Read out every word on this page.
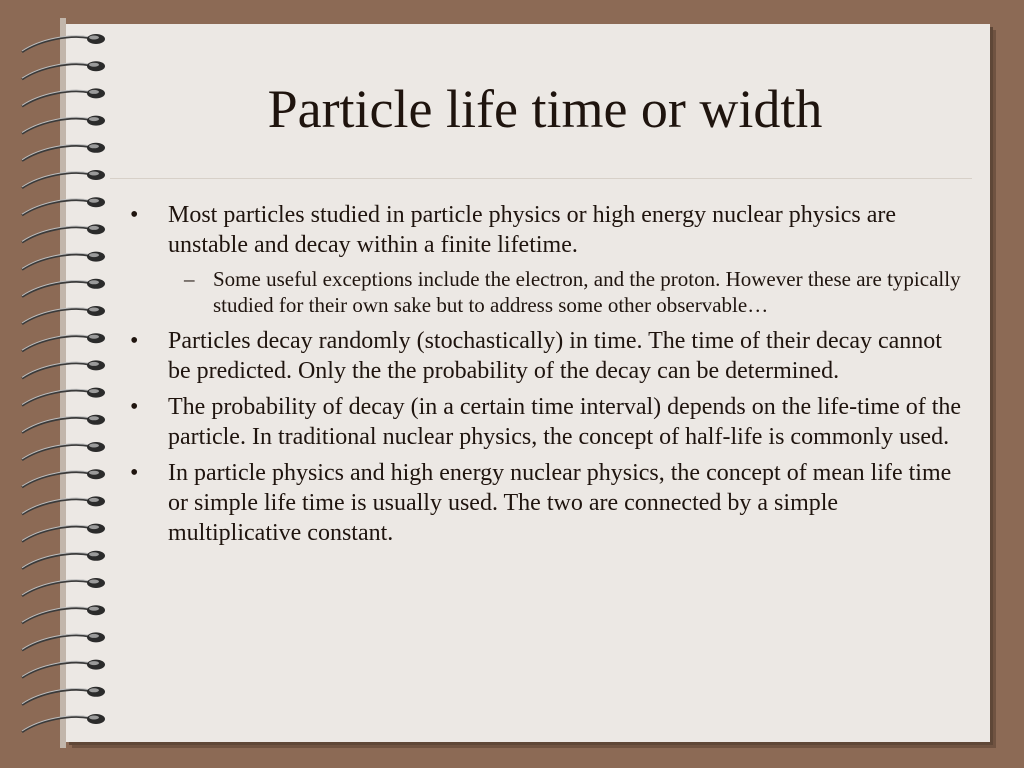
Particle life time or width
• Most particles studied in particle physics or high energy nuclear physics are unstable and decay within a finite lifetime.
– Some useful exceptions include the electron, and the proton. However these are typically studied for their own sake but to address some other observable…
• Particles decay randomly (stochastically) in time. The time of their decay cannot be predicted. Only the the probability of the decay can be determined.
• The probability of decay (in a certain time interval) depends on the life-time of the particle. In traditional nuclear physics, the concept of half-life is commonly used.
• In particle physics and high energy nuclear physics, the concept of mean life time or simple life time is usually used. The two are connected by a simple multiplicative constant.
